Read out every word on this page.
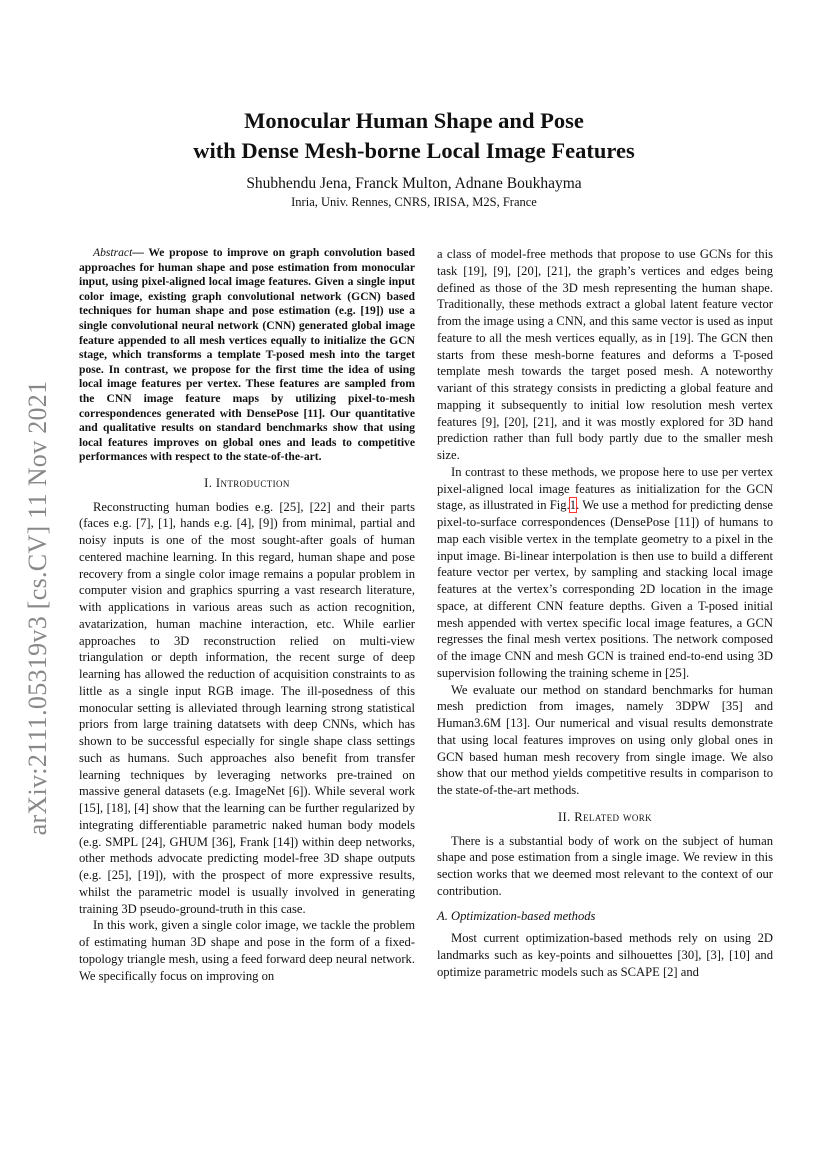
arXiv:2111.05319v3 [cs.CV] 11 Nov 2021
Monocular Human Shape and Pose
with Dense Mesh-borne Local Image Features
Shubhendu Jena, Franck Multon, Adnane Boukhayma
Inria, Univ. Rennes, CNRS, IRISA, M2S, France

Abstract— We propose to improve on graph convolution based approaches for human shape and pose estimation from monocular input, using pixel-aligned local image features. Given a single input color image, existing graph convolutional network (GCN) based techniques for human shape and pose estimation (e.g. [19]) use a single convolutional neural network (CNN) generated global image feature appended to all mesh vertices equally to initialize the GCN stage, which transforms a template T-posed mesh into the target pose. In contrast, we propose for the first time the idea of using local image features per vertex. These features are sampled from the CNN image feature maps by utilizing pixel-to-mesh correspondences generated with DensePose [11]. Our quantitative and qualitative results on standard benchmarks show that using local features improves on global ones and leads to competitive performances with respect to the state-of-the-art.

I. Introduction

Reconstructing human bodies e.g. [25], [22] and their parts (faces e.g. [7], [1], hands e.g. [4], [9]) from minimal, partial and noisy inputs is one of the most sought-after goals of human centered machine learning. In this regard, human shape and pose recovery from a single color image remains a popular problem in computer vision and graphics spurring a vast research literature, with applications in various areas such as action recognition, avatarization, human machine interaction, etc. While earlier approaches to 3D reconstruction relied on multi-view triangulation or depth information, the recent surge of deep learning has allowed the reduction of acquisition constraints to as little as a single input RGB image. The ill-posedness of this monocular setting is alleviated through learning strong statistical priors from large training datatsets with deep CNNs, which has shown to be successful especially for single shape class settings such as humans. Such approaches also benefit from transfer learning techniques by leveraging networks pre-trained on massive general datasets (e.g. ImageNet [6]). While several work [15], [18], [4] show that the learning can be further regularized by integrating differentiable parametric naked human body models (e.g. SMPL [24], GHUM [36], Frank [14]) within deep networks, other methods advocate predicting model-free 3D shape outputs (e.g. [25], [19]), with the prospect of more expressive results, whilst the parametric model is usually involved in generating training 3D pseudo-ground-truth in this case.

In this work, given a single color image, we tackle the problem of estimating human 3D shape and pose in the form of a fixed-topology triangle mesh, using a feed forward deep neural network. We specifically focus on improving on

a class of model-free methods that propose to use GCNs for this task [19], [9], [20], [21], the graph’s vertices and edges being defined as those of the 3D mesh representing the human shape. Traditionally, these methods extract a global latent feature vector from the image using a CNN, and this same vector is used as input feature to all the mesh vertices equally, as in [19]. The GCN then starts from these mesh-borne features and deforms a T-posed template mesh towards the target posed mesh. A noteworthy variant of this strategy consists in predicting a global feature and mapping it subsequently to initial low resolution mesh vertex features [9], [20], [21], and it was mostly explored for 3D hand prediction rather than full body partly due to the smaller mesh size.

In contrast to these methods, we propose here to use per vertex pixel-aligned local image features as initialization for the GCN stage, as illustrated in Fig.1. We use a method for predicting dense pixel-to-surface correspondences (DensePose [11]) of humans to map each visible vertex in the template geometry to a pixel in the input image. Bi-linear interpolation is then use to build a different feature vector per vertex, by sampling and stacking local image features at the vertex’s corresponding 2D location in the image space, at different CNN feature depths. Given a T-posed initial mesh appended with vertex specific local image features, a GCN regresses the final mesh vertex positions. The network composed of the image CNN and mesh GCN is trained end-to-end using 3D supervision following the training scheme in [25].

We evaluate our method on standard benchmarks for human mesh prediction from images, namely 3DPW [35] and Human3.6M [13]. Our numerical and visual results demonstrate that using local features improves on using only global ones in GCN based human mesh recovery from single image. We also show that our method yields competitive results in comparison to the state-of-the-art methods.

II. Related work

There is a substantial body of work on the subject of human shape and pose estimation from a single image. We review in this section works that we deemed most relevant to the context of our contribution.

A. Optimization-based methods

Most current optimization-based methods rely on using 2D landmarks such as key-points and silhouettes [30], [3], [10] and optimize parametric models such as SCAPE [2] and
